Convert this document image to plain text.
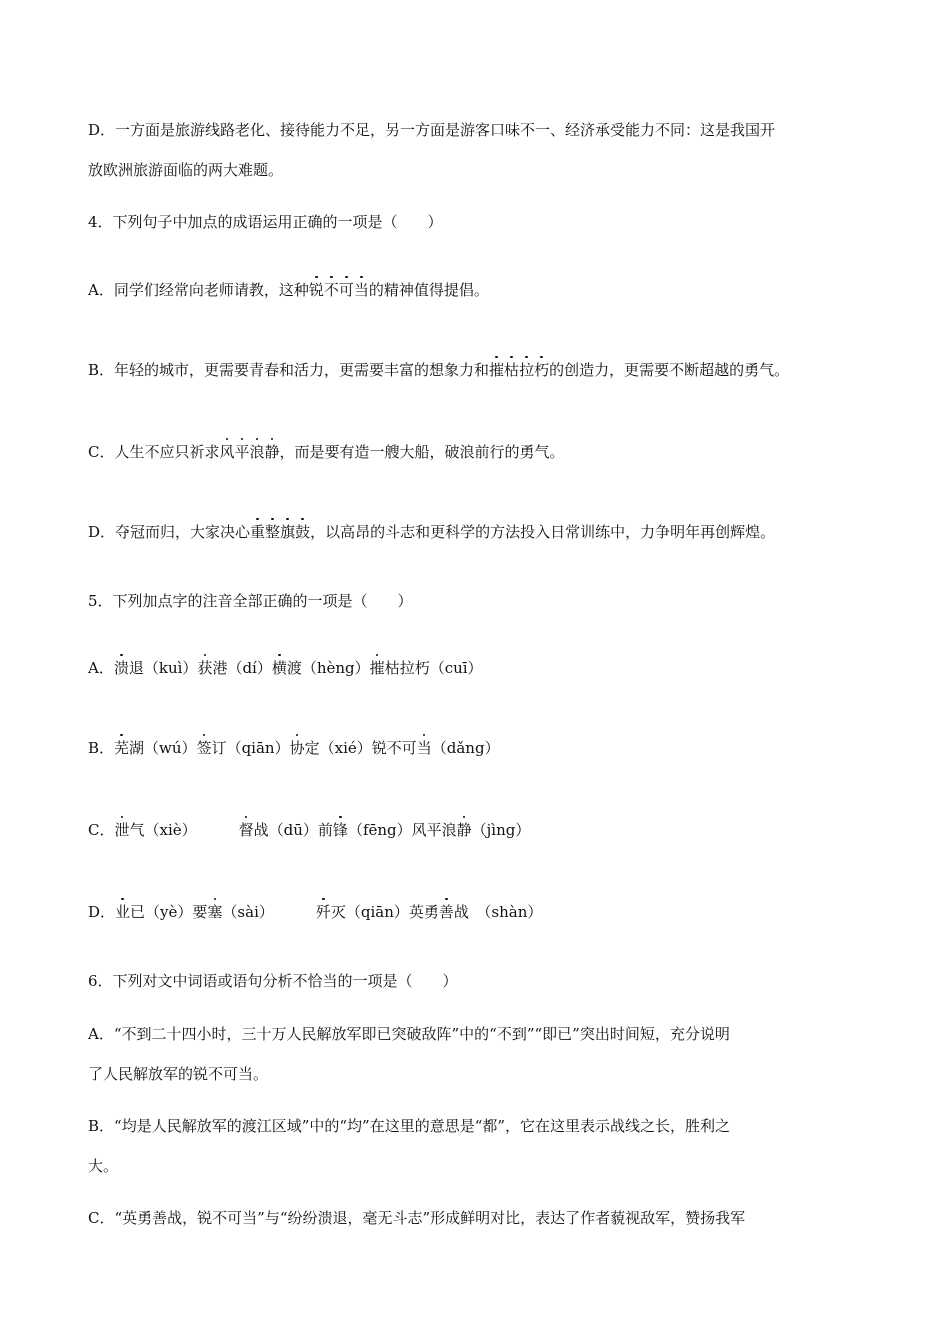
D．一方面是旅游线路老化、接待能力不足，另一方面是游客口味不一、经济承受能力不同：这是我国开
放欧洲旅游面临的两大难题。
4．下列句子中加点的成语运用正确的一项是（　　）
A．同学们经常向老师请教，这种锐不可当的精神值得提倡。
B．年轻的城市，更需要青春和活力，更需要丰富的想象力和摧枯拉朽的创造力，更需要不断超越的勇气。
C．人生不应只祈求风平浪静，而是要有造一艘大船，破浪前行的勇气。
D．夺冠而归，大家决心重整旗鼓，以高昂的斗志和更科学的方法投入日常训练中，力争明年再创辉煌。
5．下列加点字的注音全部正确的一项是（　　）
A．溃退（kuì）获港（dí）横渡（hèng）摧枯拉朽（cuī）
B．芜湖（wú）签订（qiān）协定（xié）锐不可当（dǎng）
C．泄气（xiè）	督战（dū）前锋（fēng）风平浪静（jìng）
D．业已（yè）要塞（sài）	歼灭（qiān）英勇善战　（shàn）
6．下列对文中词语或语句分析不恰当的一项是（　　）
A．“不到二十四小时，三十万人民解放军即已突破敌阵”中的“不到”“即已”突出时间短，充分说明
了人民解放军的锐不可当。
B．“均是人民解放军的渡江区域”中的“均”在这里的意思是“都”，它在这里表示战线之长，胜利之
大。
C．“英勇善战，锐不可当”与“纷纷溃退，毫无斗志”形成鲜明对比，表达了作者藐视敌军，赞扬我军
